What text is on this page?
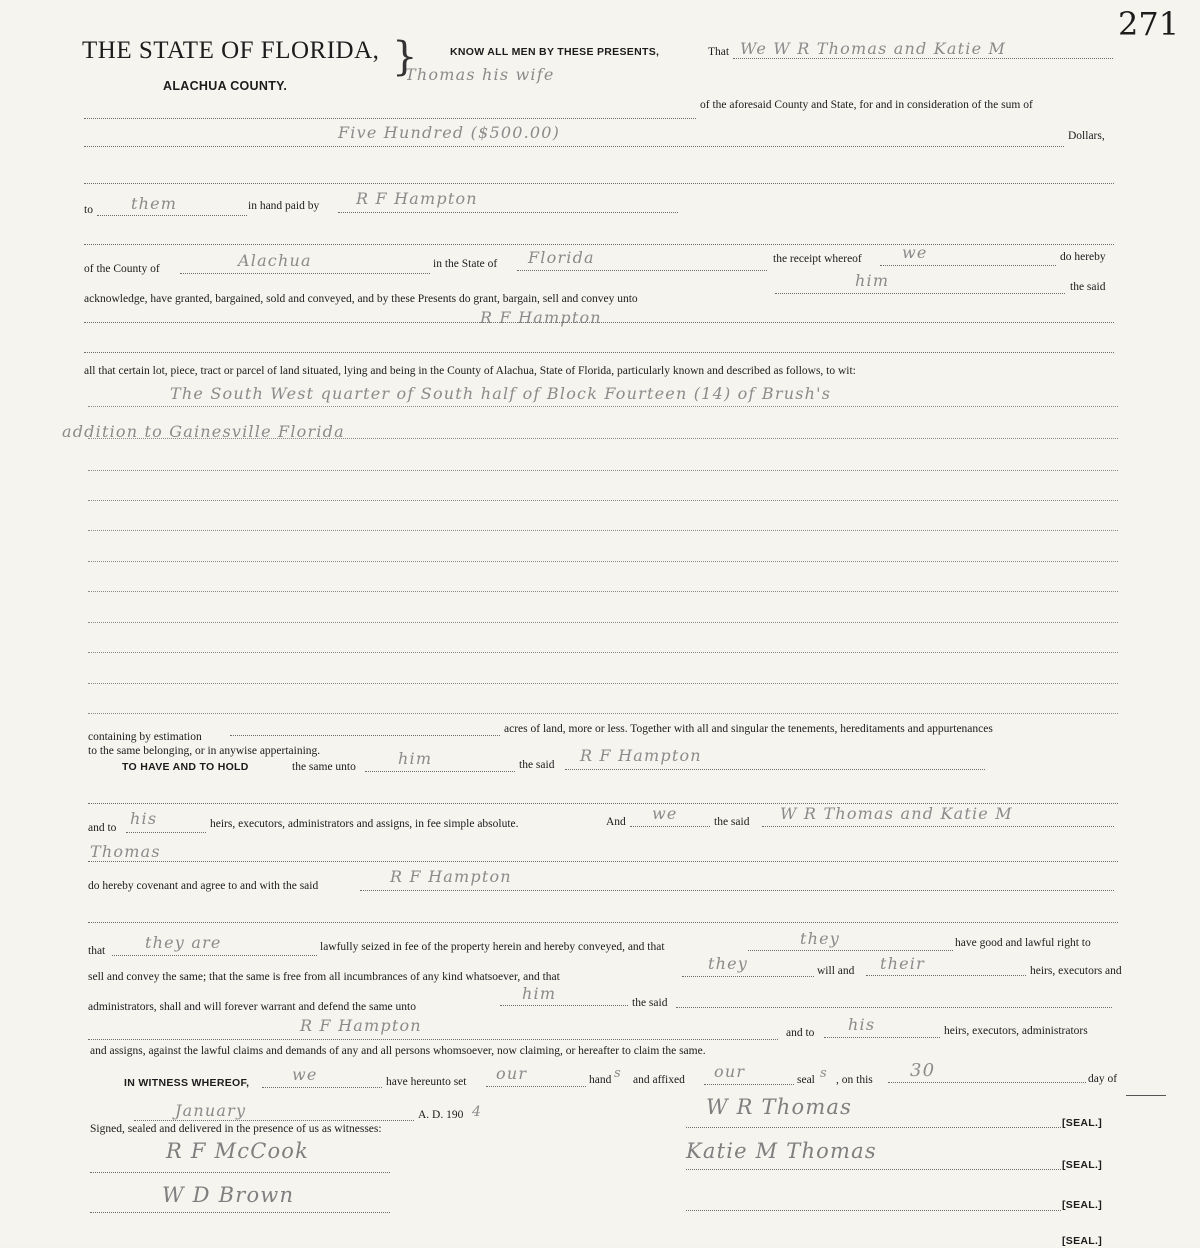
271
THE STATE OF FLORIDA, }
ALACHUA COUNTY.
KNOW ALL MEN BY THESE PRESENTS,	That We W R Thomas and Katie M
Thomas his wife
of the aforesaid County and State, for and in consideration of the sum of
Five Hundred ($500.00)	Dollars,
to them	in hand paid by R F Hampton
of the County of	Alachua	in the State of Florida	the receipt whereof	we	do hereby
acknowledge, have granted, bargained, sold and conveyed, and by these Presents do grant, bargain, sell and convey unto
him	the said
R F Hampton
all that certain lot, piece, tract or parcel of land situated, lying and being in the County of Alachua, State of Florida, particularly known and described as follows, to wit:
The South West quarter of South half of Block Fourteen (14) of Brush's
addition to Gainesville Florida
containing by estimation
acres of land, more or less. Together with all and singular the tenements, hereditaments and appurtenances
to the same belonging, or in anywise appertaining.
TO HAVE AND TO HOLD	the same unto	him	the said R F Hampton
and to his	heirs, executors, administrators and assigns, in fee simple absolute.	And we	the said W R Thomas and Katie M
Thomas
do hereby covenant and agree to and with the said	R F Hampton
that they are	lawfully seized in fee of the property herein and hereby conveyed, and that	they	have good and lawful right to
sell and convey the same; that the same is free from all incumbrances of any kind whatsoever, and that
they	will and their	heirs, executors and
administrators, shall and will forever warrant and defend the same unto
him	the said
R F Hampton	and to his	heirs, executors, administrators
and assigns, against the lawful claims and demands of any and all persons whomsoever, now claiming, or hereafter to claim the same.
IN WITNESS WHEREOF,	we	have hereunto set our	hand s and affixed our	seal s , on this 30	day of
January	A. D. 190 4
Signed, sealed and delivered in the presence of us as witnesses:
W R Thomas
[SEAL.]
Katie M Thomas
[SEAL.]
R F McCook
W D Brown	[SEAL.]
[SEAL.]
